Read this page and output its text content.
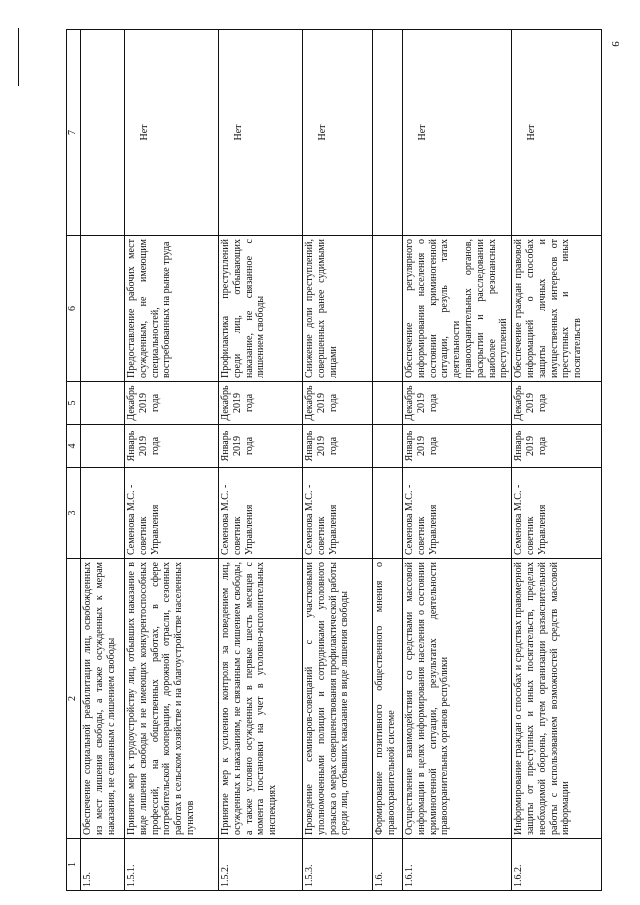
9
1	2	3	4	5	6	7
1.5.	Обеспечение социальной реабилитации лиц, освобожденных из мест лишения свободы, а также осужденных к мерам наказания, не связанным с лишением свободы					
1.5.1.	Принятие мер к трудоустройству лиц, отбывших наказание в виде лишения свободы и не имеющих конкурентоспособных профессий, на общественных работах, в сфере потребительской кооперации, дорожной отрасли, сезонных работах в сельском хозяйстве и на благоустройстве населенных пунктов	Семенова М.С. - советник Управления	Январь 2019 года	Декабрь 2019 года	Предоставление рабочих мест осужденным, не имеющим специальностей, востребованных на рынке труда	Нет
1.5.2.	Принятие мер к усилению контроля за поведением лиц, осужденных к наказаниям, не связанным с лишением свободы, а также условно осужденных в первые шесть месяцев с момента постановки на учет в уголовно-исполнительных инспекциях	Семенова М.С. - советник Управления	Январь 2019 года	Декабрь 2019 года	Профилактика преступлений среди лиц, отбывающих наказание, не связанное с лишением свободы	Нет
1.5.3.	Проведение семинаров-совещаний с участковыми уполномоченными полиции и сотрудниками уголовного розыска о мерах совершенствования профилактической работы среди лиц, отбывших наказание в виде лишения свободы	Семенова М.С. - советник Управления	Январь 2019 года	Декабрь 2019 года	Снижение доли преступлений, совершенных ранее судимыми лицами	Нет
1.6.	Формирование позитивного общественного мнения о правоохранительной системе					
1.6.1.	Осуществление взаимодействия со средствами массовой информации в целях информирования населения о состоянии криминогенной ситуации, результатах деятельности правоохранительных органов республики	Семенова М.С. - советник Управления	Январь 2019 года	Декабрь 2019 года	Обеспечение регулярного информирования населения о состоянии криминогенной ситуации, резуль татах деятельности правоохранительных органов, раскрытии и расследовании наиболее резонансных преступлений	Нет
1.6.2.	Информирование граждан о способах и средствах правомерной защиты от преступных и иных посягательств, пределах необходимой обороны, путем организации разъяснительной работы с использованием возможностей средств массовой информации	Семенова М.С. - советник Управления	Январь 2019 года	Декабрь 2019 года	Обеспечение граждан правовой информацией о способах защиты личных и имущественных интересов от преступных и иных посягательств	Нет
